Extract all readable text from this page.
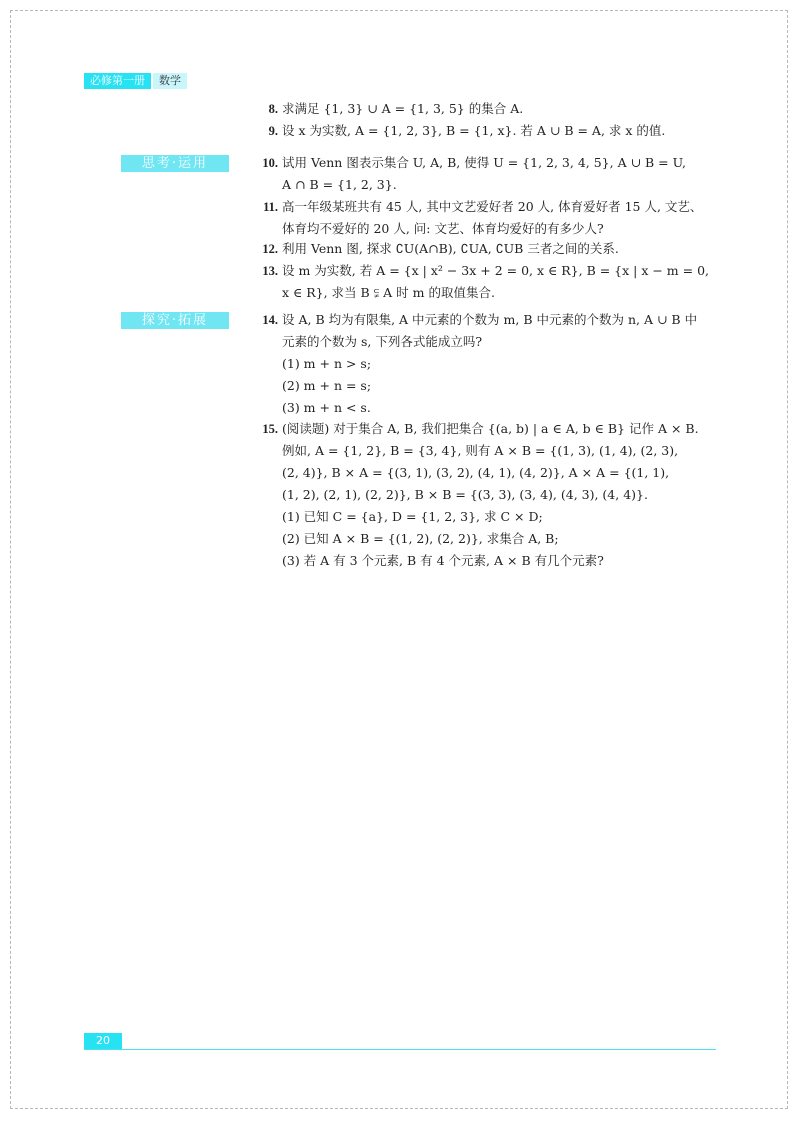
必修第一册	数学
思考·运用
探究·拓展
8. 求满足 {1, 3} ∪ A = {1, 3, 5} 的集合 A.
9. 设 x 为实数, A = {1, 2, 3}, B = {1, x}. 若 A ∪ B = A, 求 x 的值.
10. 试用 Venn 图表示集合 U, A, B, 使得 U = {1, 2, 3, 4, 5}, A ∪ B = U,
A ∩ B = {1, 2, 3}.
11. 高一年级某班共有 45 人, 其中文艺爱好者 20 人, 体育爱好者 15 人, 文艺、
体育均不爱好的 20 人, 问: 文艺、体育均爱好的有多少人?
12. 利用 Venn 图, 探求 ∁U(A∩B), ∁UA, ∁UB 三者之间的关系.
13. 设 m 为实数, 若 A = {x | x² − 3x + 2 = 0, x ∈ R}, B = {x | x − m = 0,
x ∈ R}, 求当 B ⫋ A 时 m 的取值集合.
14. 设 A, B 均为有限集, A 中元素的个数为 m, B 中元素的个数为 n, A ∪ B 中
元素的个数为 s, 下列各式能成立吗?
(1) m + n > s;
(2) m + n = s;
(3) m + n < s.
15. (阅读题) 对于集合 A, B, 我们把集合 {(a, b) | a ∈ A, b ∈ B} 记作 A × B.
例如, A = {1, 2}, B = {3, 4}, 则有 A × B = {(1, 3), (1, 4), (2, 3),
(2, 4)}, B × A = {(3, 1), (3, 2), (4, 1), (4, 2)}, A × A = {(1, 1),
(1, 2), (2, 1), (2, 2)}, B × B = {(3, 3), (3, 4), (4, 3), (4, 4)}.
(1) 已知 C = {a}, D = {1, 2, 3}, 求 C × D;
(2) 已知 A × B = {(1, 2), (2, 2)}, 求集合 A, B;
(3) 若 A 有 3 个元素, B 有 4 个元素, A × B 有几个元素?
20
